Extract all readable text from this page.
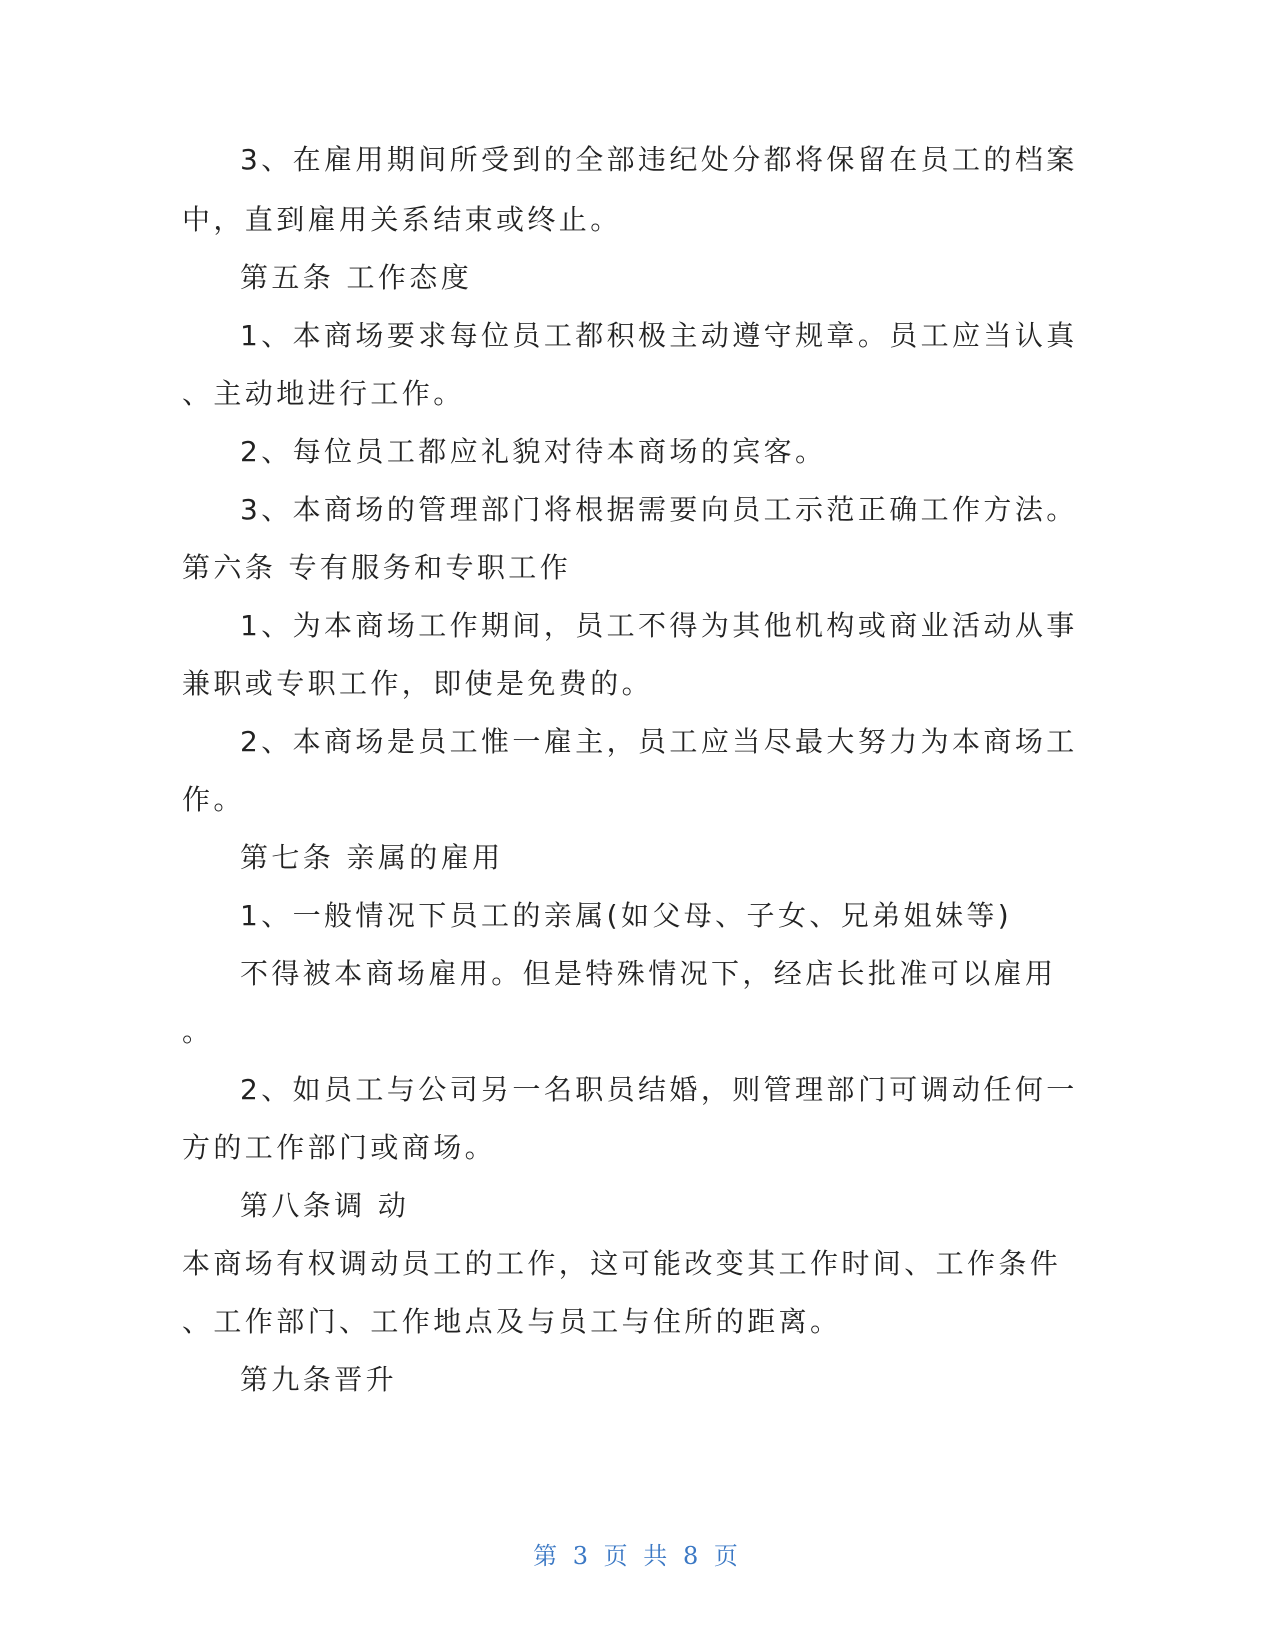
3、在雇用期间所受到的全部违纪处分都将保留在员工的档案
中，直到雇用关系结束或终止。
第五条 工作态度
1、本商场要求每位员工都积极主动遵守规章。员工应当认真
、主动地进行工作。
2、每位员工都应礼貌对待本商场的宾客。
3、本商场的管理部门将根据需要向员工示范正确工作方法。
第六条 专有服务和专职工作
1、为本商场工作期间，员工不得为其他机构或商业活动从事
兼职或专职工作，即使是免费的。
2、本商场是员工惟一雇主，员工应当尽最大努力为本商场工
作。
第七条 亲属的雇用
1、一般情况下员工的亲属(如父母、子女、兄弟姐妹等)
不得被本商场雇用。但是特殊情况下，经店长批准可以雇用
。
2、如员工与公司另一名职员结婚，则管理部门可调动任何一
方的工作部门或商场。
第八条调 动
本商场有权调动员工的工作，这可能改变其工作时间、工作条件
、工作部门、工作地点及与员工与住所的距离。
第九条晋升
第 3 页 共 8 页
